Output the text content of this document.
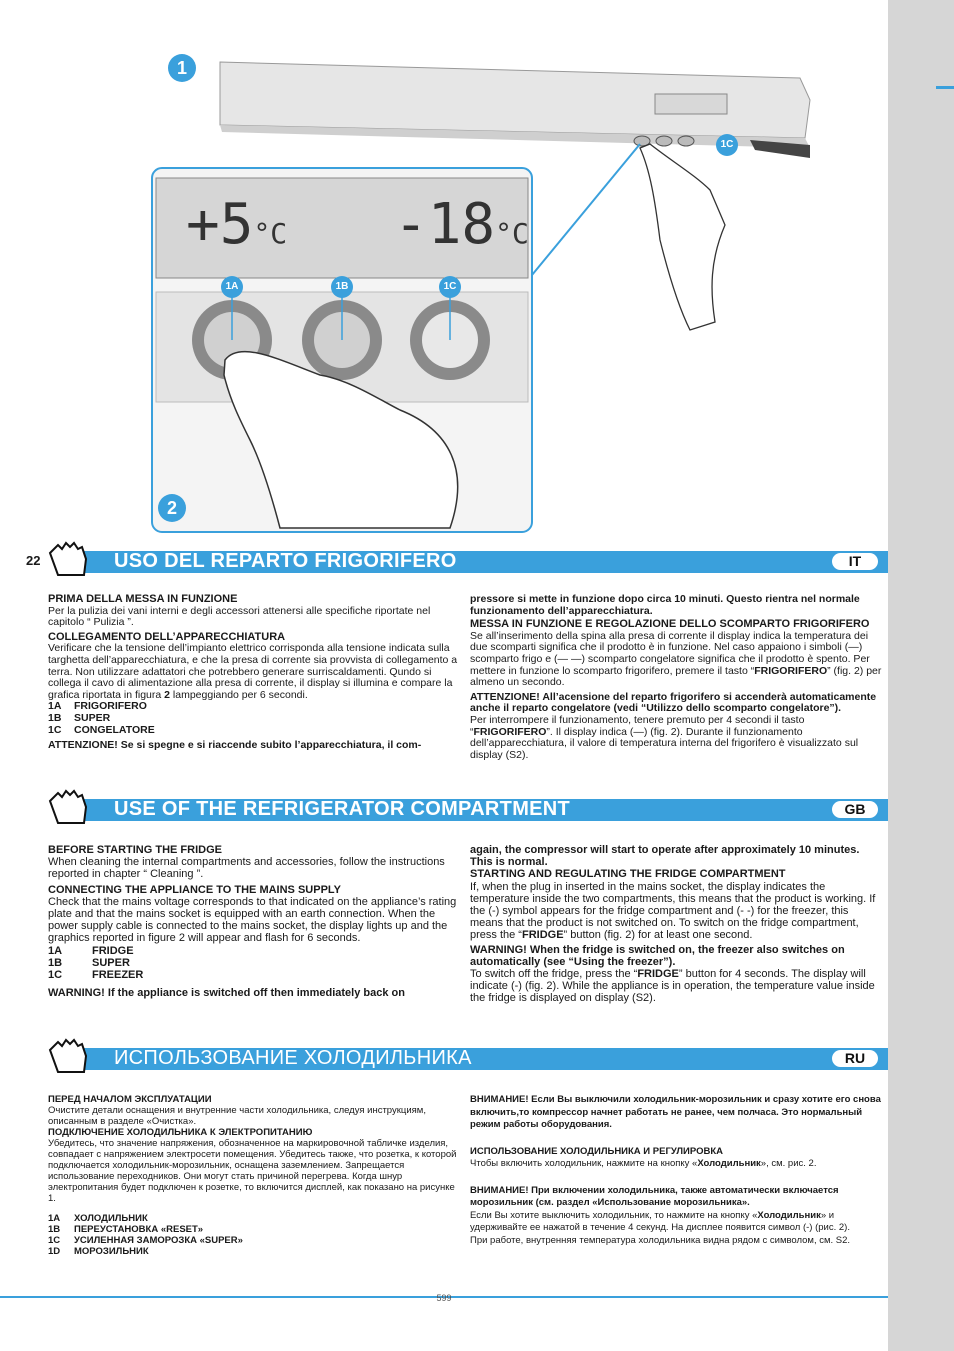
1
2
1C
1A	1B	1C
+5°C -18°C
22	USO DEL REPARTO FRIGORIFERO	IT

PRIMA DELLA MESSA IN FUNZIONE

Per la pulizia dei vani interni e degli accessori attenersi alle specifiche riportate nel capitolo “ Pulizia ”.

COLLEGAMENTO DELL’APPARECCHIATURA

Verificare che la tensione dell’impianto elettrico corrisponda alla tensione indicata sulla targhetta dell’apparecchiatura, e che la presa di corrente sia provvista di collegamento a terra. Non utilizzare adattatori che potrebbero generare surriscaldamenti. Qundo si collega il cavo di alimentazione alla presa di corrente, il display si illumina e compare la grafica riportata in figura 2 lampeggiando per 6 secondi.

1A FRIGORIFERO

1B SUPER

1C CONGELATORE

ATTENZIONE! Se si spegne e si riaccende subito l’apparecchiatura, il com-

pressore si mette in funzione dopo circa 10 minuti. Questo rientra nel normale funzionamento dell’apparecchiatura.

MESSA IN FUNZIONE E REGOLAZIONE DELLO SCOMPARTO FRIGORIFERO

Se all’inserimento della spina alla presa di corrente il display indica la temperatura dei due scomparti significa che il prodotto è in funzione. Nel caso appaiono i simboli (—) scomparto frigo e (— —) scomparto congelatore significa che il prodotto è spento. Per mettere in funzione lo scomparto frigorifero, premere il tasto “FRIGORIFERO” (fig. 2) per almeno un secondo.

ATTENZIONE! All’acensione del reparto frigorifero si accenderà automaticamente anche il reparto congelatore (vedi “Utilizzo dello scomparto congelatore”).

Per interrompere il funzionamento, tenere premuto per 4 secondi il tasto “FRIGORIFERO”. Il display indica (—) (fig. 2). Durante il funzionamento dell’apparecchiatura, il valore di temperatura interna del frigorifero è visualizzato sul display (S2).

USE OF THE REFRIGERATOR COMPARTMENT	GB

BEFORE STARTING THE FRIDGE

When cleaning the internal compartments and accessories, follow the instructions reported in chapter “ Cleaning ”.

CONNECTING THE APPLIANCE TO THE MAINS SUPPLY

Check that the mains voltage corresponds to that indicated on the appliance’s rating plate and that the mains socket is equipped with an earth connection. When the power supply cable is connected to the mains socket, the display lights up and the graphics reported in figure 2 will appear and flash for 6 seconds.

1A	FRIDGE

1B	SUPER

1C	FREEZER

WARNING! If the appliance is switched off then immediately back on

again, the compressor will start to operate after approximately 10 minutes. This is normal.

STARTING AND REGULATING THE FRIDGE COMPARTMENT

If, when the plug in inserted in the mains socket, the display indicates the temperature inside the two compartments, this means that the product is working. If the (-) symbol appears for the fridge compartment and (- -) for the freezer, this means that the product is not switched on. To switch on the fridge compartment, press the “FRIDGE” button (fig. 2) for at least one second.

WARNING! When the fridge is switched on, the freezer also switches on automatically (see “Using the freezer”).

To switch off the fridge, press the “FRIDGE” button for 4 seconds. The display will indicate (-) (fig. 2). While the appliance is in operation, the temperature value inside the fridge is displayed on display (S2).

ИСПОЛЬЗОВАНИЕ ХОЛОДИЛЬНИКА	RU

ПЕРЕД НАЧАЛОМ ЭКСПЛУАТАЦИИ

Очистите детали оснащения и внутренние части холодильника, следуя инструкциям, описанным в разделе «Очистка».

ПОДКЛЮЧЕНИЕ ХОЛОДИЛЬНИКА К ЭЛЕКТРОПИТАНИЮ

Убедитесь, что значение напряжения, обозначенное на маркировочной табличке изделия, совпадает с напряжением электросети помещения. Убедитесь также, что розетка, к которой подключается холодильник-морозильник, оснащена заземлением. Запрещается использование переходников. Они могут стать причиной перегрева. Когда шнур электропитания будет подключен к розетке, то включится дисплей, как показано на рисунке 1.

1A ХОЛОДИЛЬНИК

1B ПЕРЕУСТАНОВКА «RESET»

1C УСИЛЕННАЯ ЗАМОРОЗКА «SUPER»

1D МОРОЗИЛЬНИК

ВНИМАНИЕ! Если Вы выключили холодильник-морозильник и сразу хотите его снова включить,то компрессор начнет работать не ранее, чем полчаса. Это нормальный режим работы оборудования.

ИСПОЛЬЗОВАНИЕ ХОЛОДИЛЬНИКА И РЕГУЛИРОВКА

Чтобы включить холодильник, нажмите на кнопку «Холодильник», см. рис. 2.

ВНИМАНИЕ! При включении холодильника, также автоматически включается морозильник (см. раздел «Использование морозильника».

Если Вы хотите выключить холодильник, то нажмите на кнопку «Холодильник» и удерживайте ее нажатой в течение 4 секунд. На дисплее появится символ (-) (рис. 2).

При работе, внутренняя температура холодильника видна рядом с символом, см. S2.

599
